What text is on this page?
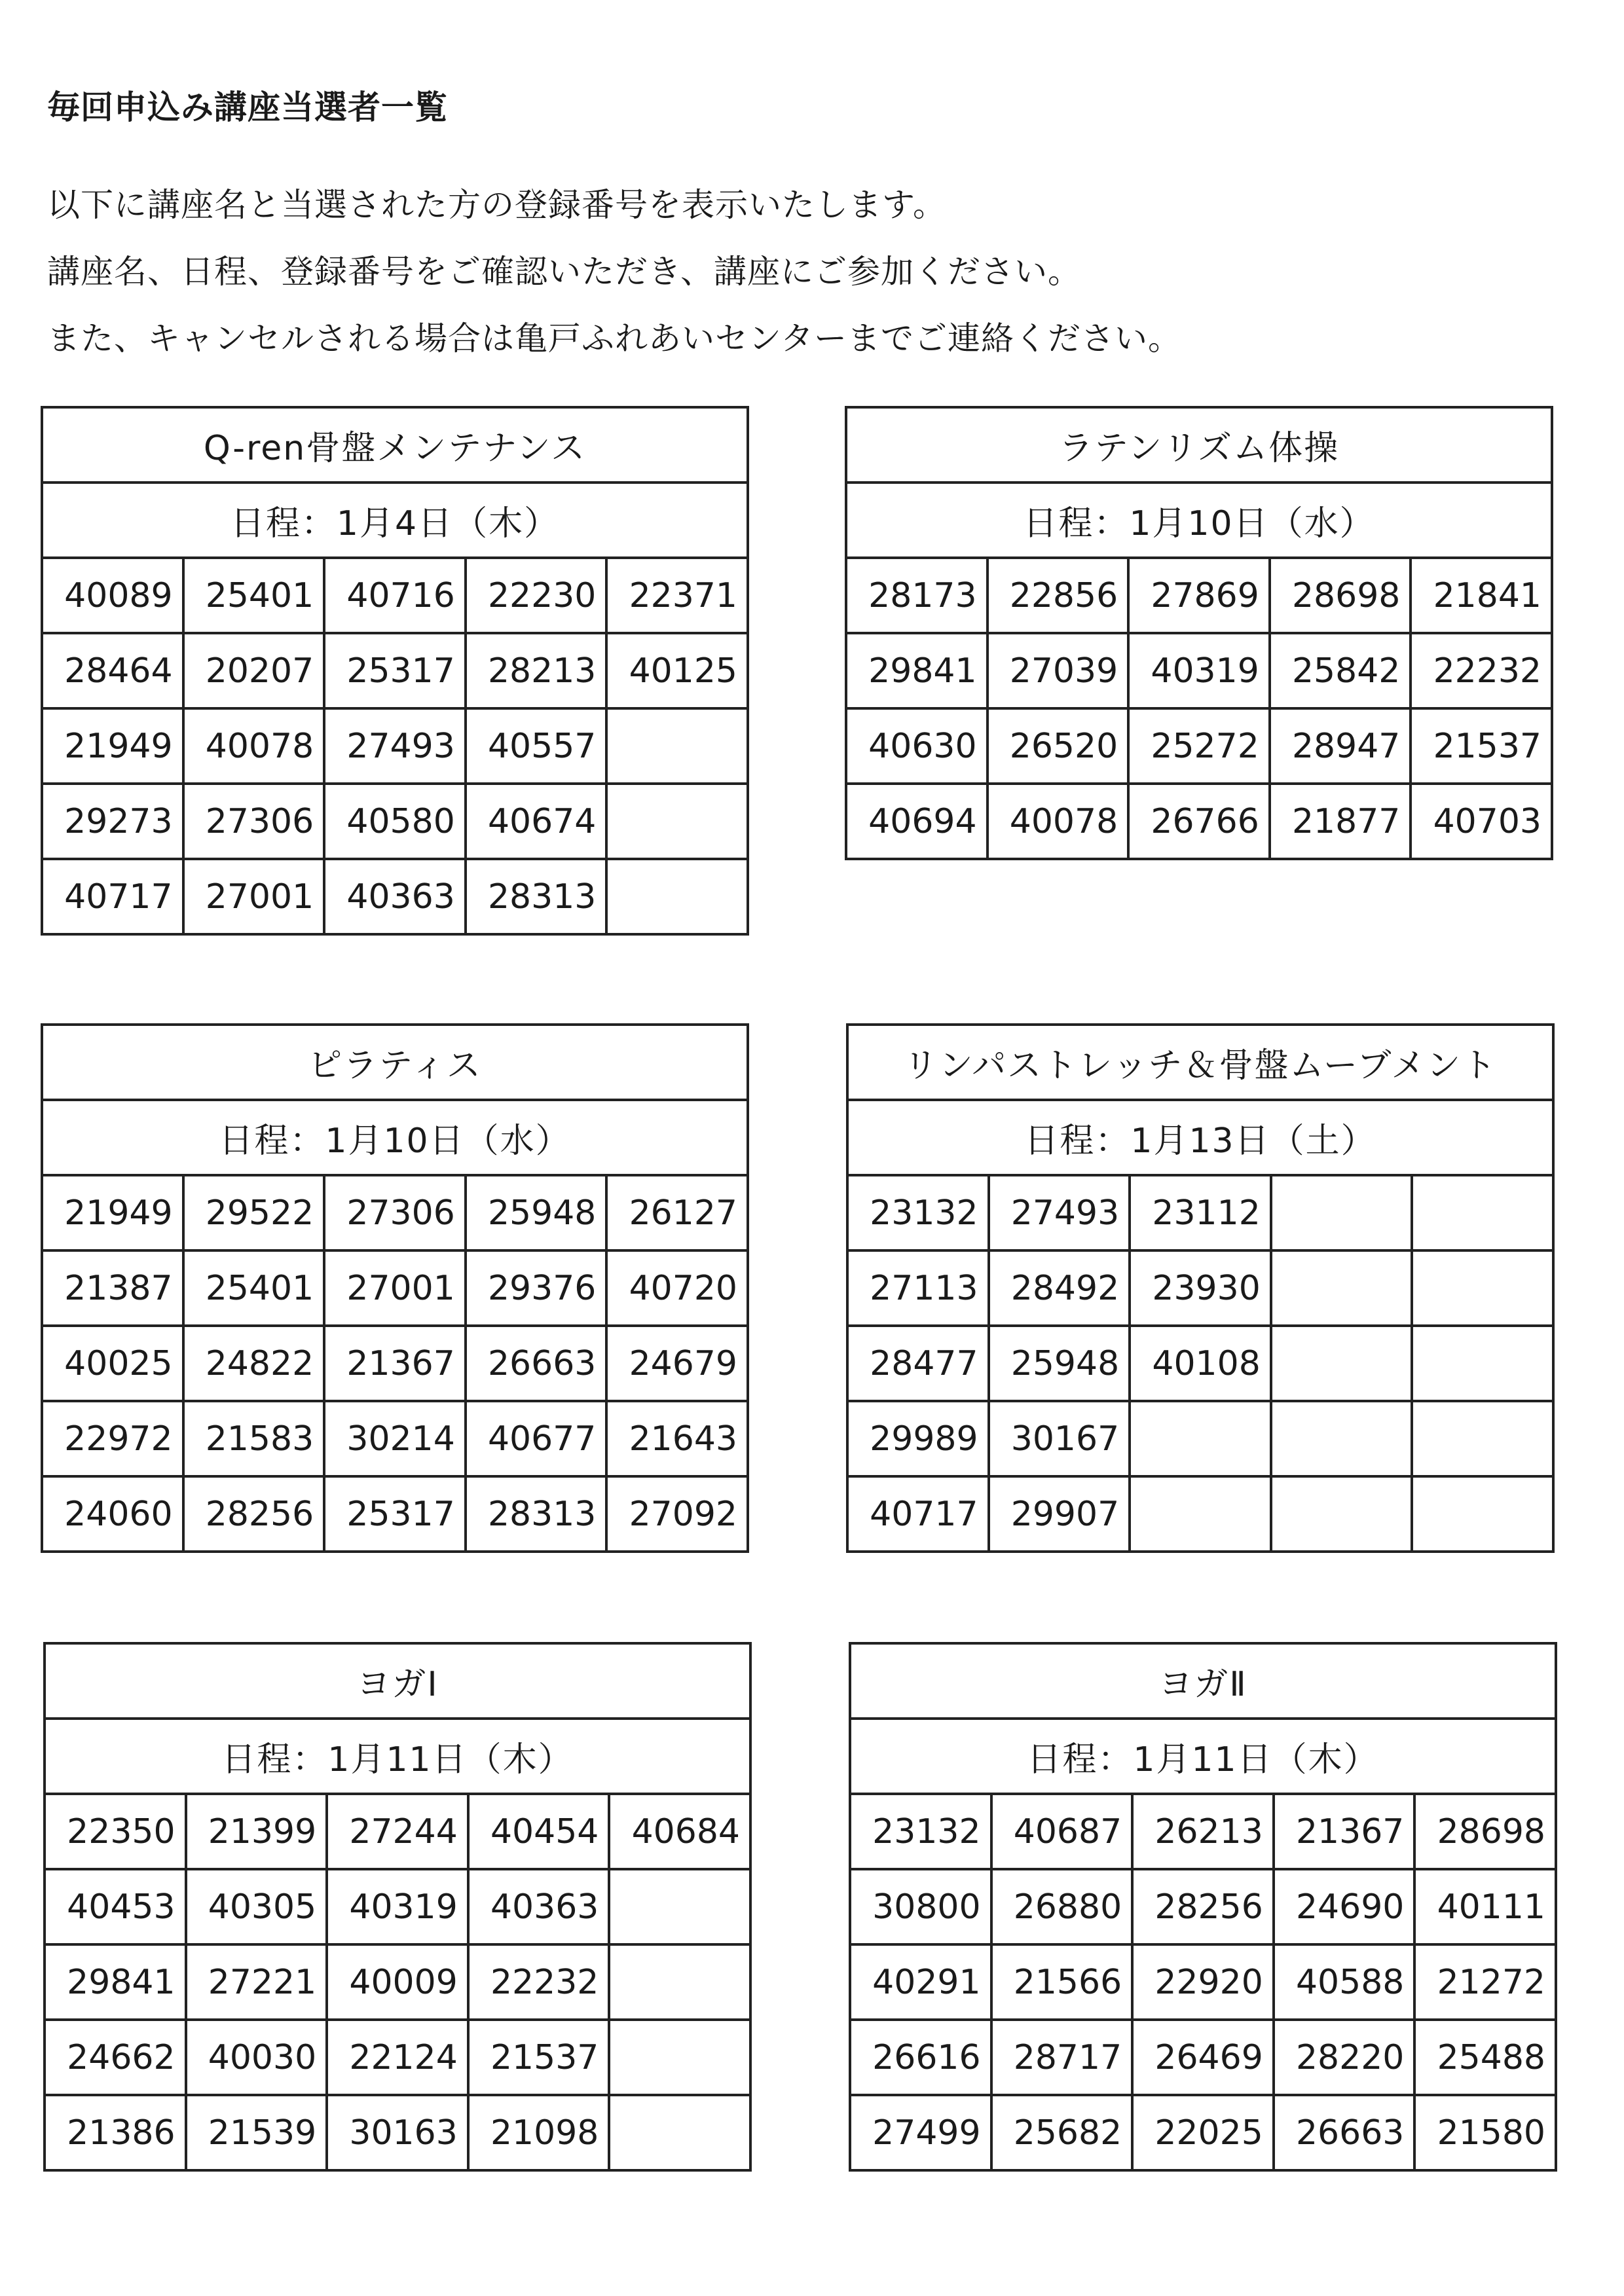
毎回申込み講座当選者一覧
以下に講座名と当選された方の登録番号を表示いたします。
講座名、日程、登録番号をご確認いただき、講座にご参加ください。
また、キャンセルされる場合は亀戸ふれあいセンターまでご連絡ください。
Q-ren骨盤メンテナンス				
日程：1月4日（木）				
40089	25401	40716	22230	22371
28464	20207	25317	28213	40125
21949	40078	27493	40557	
29273	27306	40580	40674	
40717	27001	40363	28313	
ラテンリズム体操				
日程：1月10日（水）				
28173	22856	27869	28698	21841
29841	27039	40319	25842	22232
40630	26520	25272	28947	21537
40694	40078	26766	21877	40703
ピラティス				
日程：1月10日（水）				
21949	29522	27306	25948	26127
21387	25401	27001	29376	40720
40025	24822	21367	26663	24679
22972	21583	30214	40677	21643
24060	28256	25317	28313	27092
リンパストレッチ＆骨盤ムーブメント				
日程：1月13日（土）				
23132	27493	23112		
27113	28492	23930		
28477	25948	40108		
29989	30167			
40717	29907			
ヨガⅠ				
日程：1月11日（木）				
22350	21399	27244	40454	40684
40453	40305	40319	40363	
29841	27221	40009	22232	
24662	40030	22124	21537	
21386	21539	30163	21098	
ヨガⅡ				
日程：1月11日（木）				
23132	40687	26213	21367	28698
30800	26880	28256	24690	40111
40291	21566	22920	40588	21272
26616	28717	26469	28220	25488
27499	25682	22025	26663	21580
